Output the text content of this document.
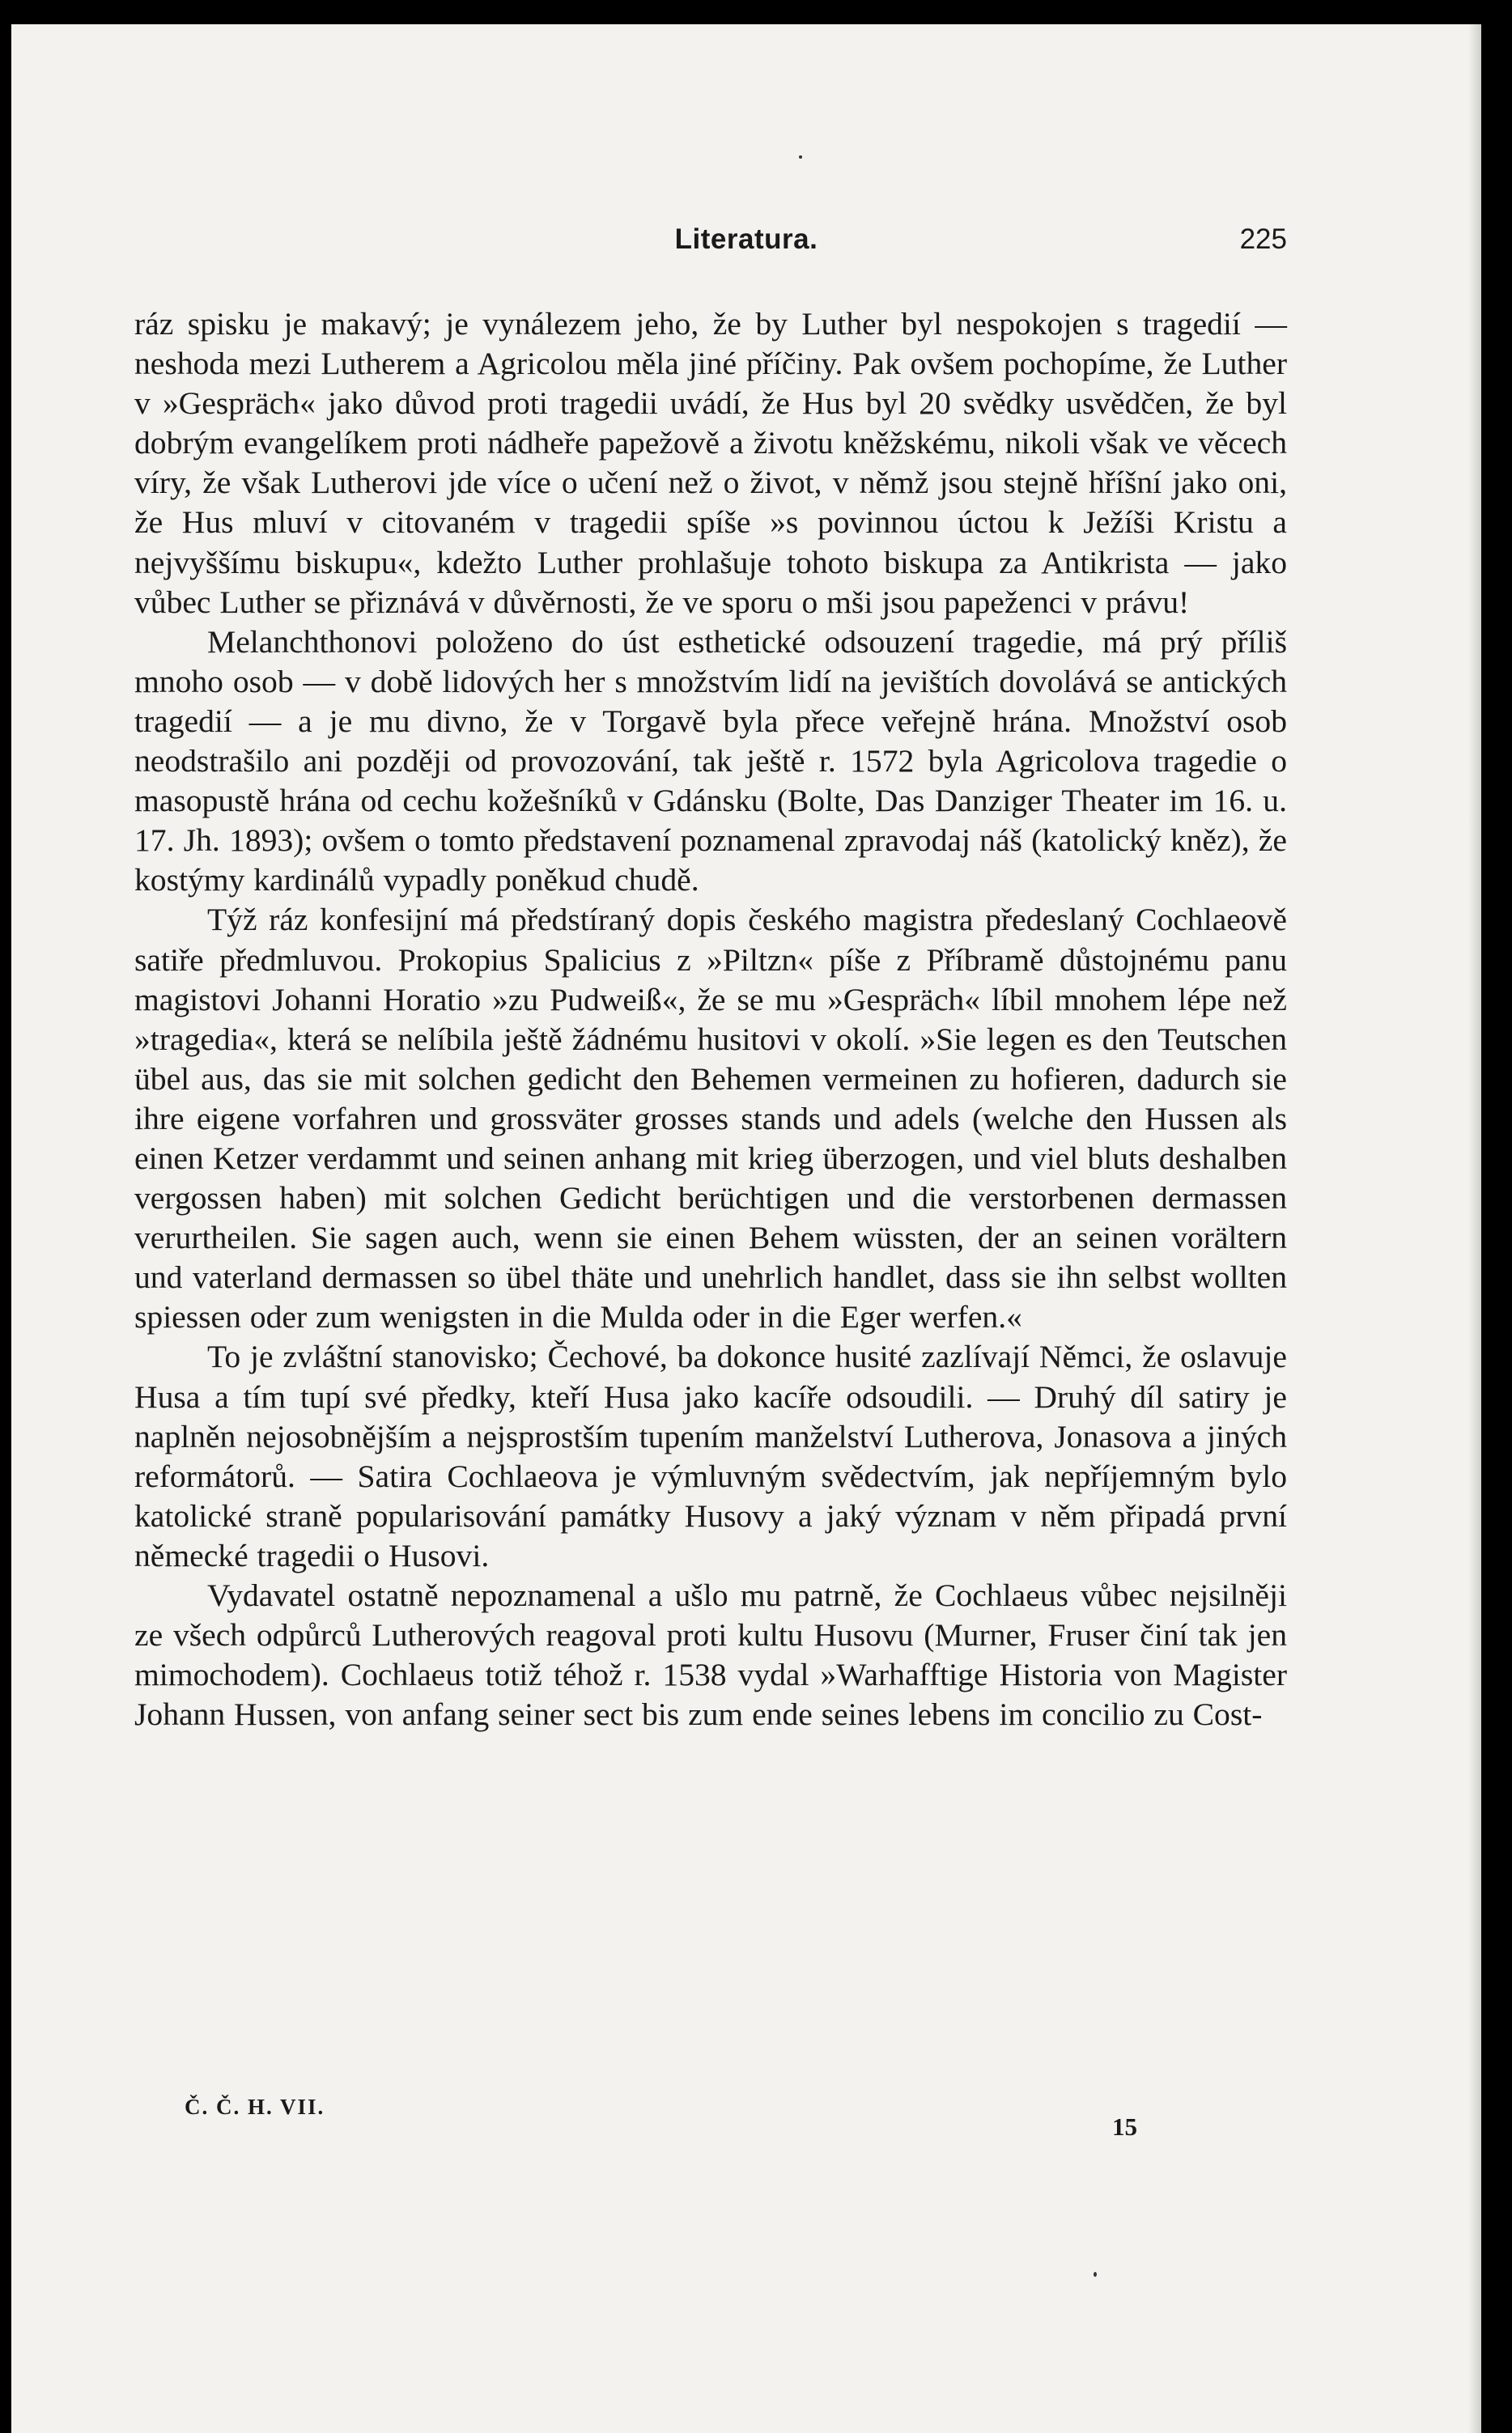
Literatura.	225

ráz spisku je makavý; je vynálezem jeho, že by Luther byl nespokojen s tragedií — neshoda mezi Lutherem a Agricolou měla jiné příčiny. Pak ovšem pochopíme, že Luther v »Gespräch« jako důvod proti tragedii uvádí, že Hus byl 20 svědky usvědčen, že byl dobrým evangelíkem proti nádheře papežově a životu kněžskému, nikoli však ve věcech víry, že však Lutherovi jde více o učení než o život, v němž jsou stejně hříšní jako oni, že Hus mluví v citovaném v tragedii spíše »s povinnou úctou k Ježíši Kristu a nejvyššímu biskupu«, kdežto Luther prohlašuje tohoto biskupa za Antikrista — jako vůbec Luther se přiznává v důvěrnosti, že ve sporu o mši jsou papeženci v právu!

Melanchthonovi položeno do úst esthetické odsouzení tragedie, má prý příliš mnoho osob — v době lidových her s množstvím lidí na jevištích dovolává se antických tragedií — a je mu divno, že v Torgavě byla přece veřejně hrána. Množství osob neodstrašilo ani později od provozování, tak ještě r. 1572 byla Agricolova tragedie o masopustě hrána od cechu kožešníků v Gdánsku (Bolte, Das Danziger Theater im 16. u. 17. Jh. 1893); ovšem o tomto představení poznamenal zpravodaj náš (katolický kněz), že kostýmy kardinálů vypadly poněkud chudě.

Týž ráz konfesijní má předstíraný dopis českého magistra předeslaný Cochlaeově satiře předmluvou. Prokopius Spalicius z »Piltzn« píše z Příbramě důstojnému panu magistovi Johanni Horatio »zu Pudweiß«, že se mu »Gespräch« líbil mnohem lépe než »tragedia«, která se nelíbila ještě žádnému husitovi v okolí. »Sie legen es den Teutschen übel aus, das sie mit solchen gedicht den Behemen vermeinen zu hofieren, dadurch sie ihre eigene vorfahren und grossväter grosses stands und adels (welche den Hussen als einen Ketzer verdammt und seinen anhang mit krieg überzogen, und viel bluts deshalben vergossen haben) mit solchen Gedicht berüchtigen und die verstorbenen dermassen verurtheilen. Sie sagen auch, wenn sie einen Behem wüssten, der an seinen vorältern und vaterland dermassen so übel thäte und unehrlich handlet, dass sie ihn selbst wollten spiessen oder zum wenigsten in die Mulda oder in die Eger werfen.«

To je zvláštní stanovisko; Čechové, ba dokonce husité zazlívají Němci, že oslavuje Husa a tím tupí své předky, kteří Husa jako kacíře odsoudili. — Druhý díl satiry je naplněn nejosobnějším a nejsprostším tupením manželství Lutherova, Jonasova a jiných reformátorů. — Satira Cochlaeova je výmluvným svědectvím, jak nepříjemným bylo katolické straně popularisování památky Husovy a jaký význam v něm připadá první německé tragedii o Husovi.

Vydavatel ostatně nepoznamenal a ušlo mu patrně, že Cochlaeus vůbec nejsilněji ze všech odpůrců Lutherových reagoval proti kultu Husovu (Murner, Fruser činí tak jen mimochodem). Cochlaeus totiž téhož r. 1538 vydal »Warhafftige Historia von Magister Johann Hussen, von anfang seiner sect bis zum ende seines lebens im concilio zu Cost-

Č. Č. H. VII.
15
